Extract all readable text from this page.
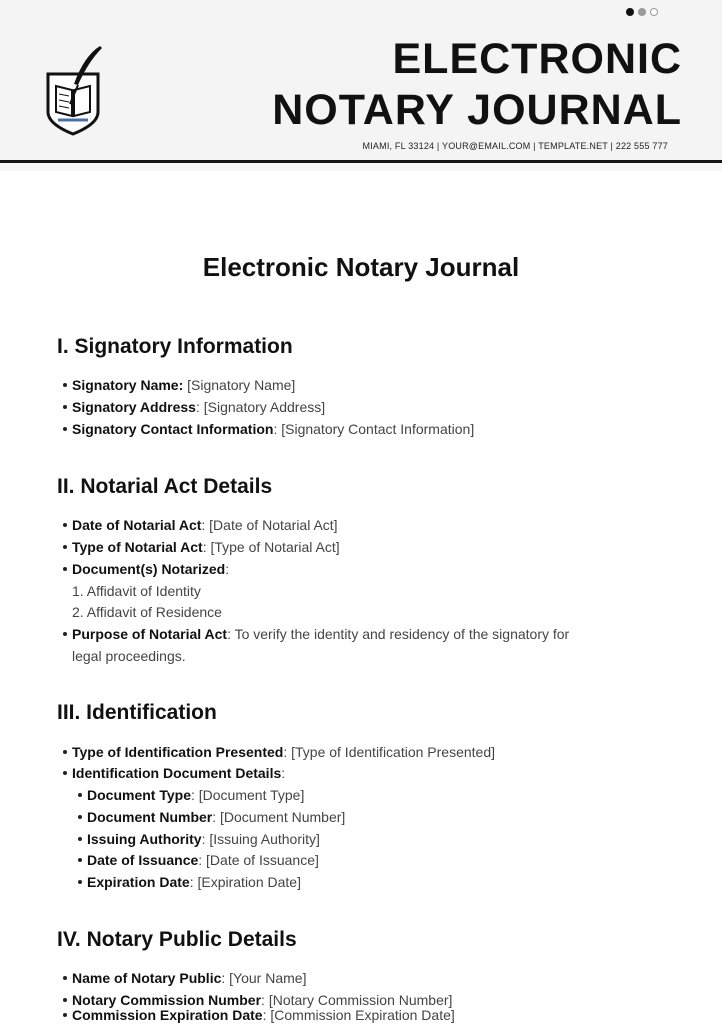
ELECTRONIC
NOTARY JOURNAL
MIAMI, FL 33124 | YOUR@EMAIL.COM | TEMPLATE.NET | 222 555 777
Electronic Notary Journal
I. Signatory Information
Signatory Name: [Signatory Name]
Signatory Address: [Signatory Address]
Signatory Contact Information: [Signatory Contact Information]
II. Notarial Act Details
Date of Notarial Act: [Date of Notarial Act]
Type of Notarial Act: [Type of Notarial Act]
Document(s) Notarized:
1. Affidavit of Identity
2. Affidavit of Residence
Purpose of Notarial Act: To verify the identity and residency of the signatory for
legal proceedings.
III. Identification
Type of Identification Presented: [Type of Identification Presented]
Identification Document Details:
Document Type: [Document Type]
Document Number: [Document Number]
Issuing Authority: [Issuing Authority]
Date of Issuance: [Date of Issuance]
Expiration Date: [Expiration Date]
IV. Notary Public Details
Name of Notary Public: [Your Name]
Notary Commission Number: [Notary Commission Number]
Commission Expiration Date: [Commission Expiration Date]
